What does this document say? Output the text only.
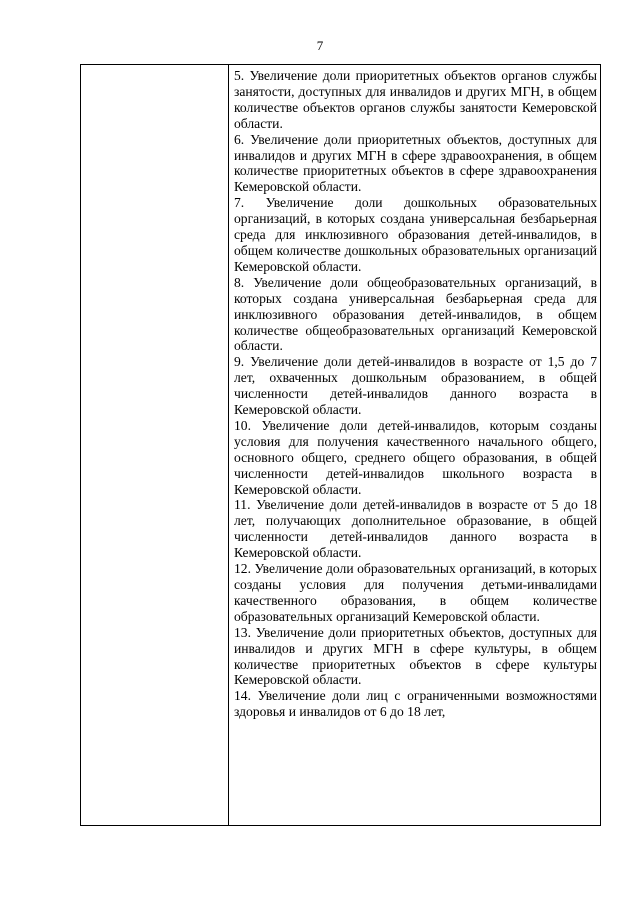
7

5. Увеличение доли приоритетных объектов органов службы занятости, доступных для инвалидов и других МГН, в общем количестве объектов органов службы занятости Кемеровской области.

6. Увеличение доли приоритетных объектов, доступных для инвалидов и других МГН в сфере здравоохранения, в общем количестве приоритетных объектов в сфере здравоохранения Кемеровской области.

7. Увеличение доли дошкольных образовательных организаций, в которых создана универсальная безбарьерная среда для инклюзивного образования детей-инвалидов, в общем количестве дошкольных образовательных организаций Кемеровской области.

8. Увеличение доли общеобразовательных организаций, в которых создана универсальная безбарьерная среда для инклюзивного образования детей-инвалидов, в общем количестве общеобразовательных организаций Кемеровской области.

9. Увеличение доли детей-инвалидов в возрасте от 1,5 до 7 лет, охваченных дошкольным образованием, в общей численности детей-инвалидов данного возраста в Кемеровской области.

10. Увеличение доли детей-инвалидов, которым созданы условия для получения качественного начального общего, основного общего, среднего общего образования, в общей численности детей-инвалидов школьного возраста в Кемеровской области.

11. Увеличение доли детей-инвалидов в возрасте от 5 до 18 лет, получающих дополнительное образование, в общей численности детей-инвалидов данного возраста в Кемеровской области.

12. Увеличение доли образовательных организаций, в которых созданы условия для получения детьми-инвалидами качественного образования, в общем количестве образовательных организаций Кемеровской области.

13. Увеличение доли приоритетных объектов, доступных для инвалидов и других МГН в сфере культуры, в общем количестве приоритетных объектов в сфере культуры Кемеровской области.

14. Увеличение доли лиц с ограниченными возможностями здоровья и инвалидов от 6 до 18 лет,
